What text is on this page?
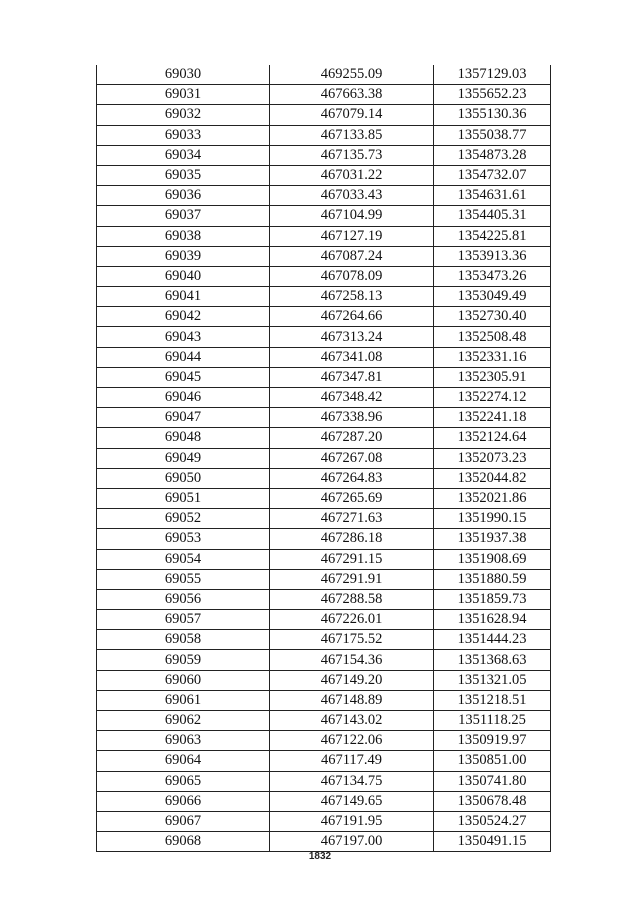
69030	469255.09	1357129.03
69031	467663.38	1355652.23
69032	467079.14	1355130.36
69033	467133.85	1355038.77
69034	467135.73	1354873.28
69035	467031.22	1354732.07
69036	467033.43	1354631.61
69037	467104.99	1354405.31
69038	467127.19	1354225.81
69039	467087.24	1353913.36
69040	467078.09	1353473.26
69041	467258.13	1353049.49
69042	467264.66	1352730.40
69043	467313.24	1352508.48
69044	467341.08	1352331.16
69045	467347.81	1352305.91
69046	467348.42	1352274.12
69047	467338.96	1352241.18
69048	467287.20	1352124.64
69049	467267.08	1352073.23
69050	467264.83	1352044.82
69051	467265.69	1352021.86
69052	467271.63	1351990.15
69053	467286.18	1351937.38
69054	467291.15	1351908.69
69055	467291.91	1351880.59
69056	467288.58	1351859.73
69057	467226.01	1351628.94
69058	467175.52	1351444.23
69059	467154.36	1351368.63
69060	467149.20	1351321.05
69061	467148.89	1351218.51
69062	467143.02	1351118.25
69063	467122.06	1350919.97
69064	467117.49	1350851.00
69065	467134.75	1350741.80
69066	467149.65	1350678.48
69067	467191.95	1350524.27
69068	467197.00	1350491.15
1832
